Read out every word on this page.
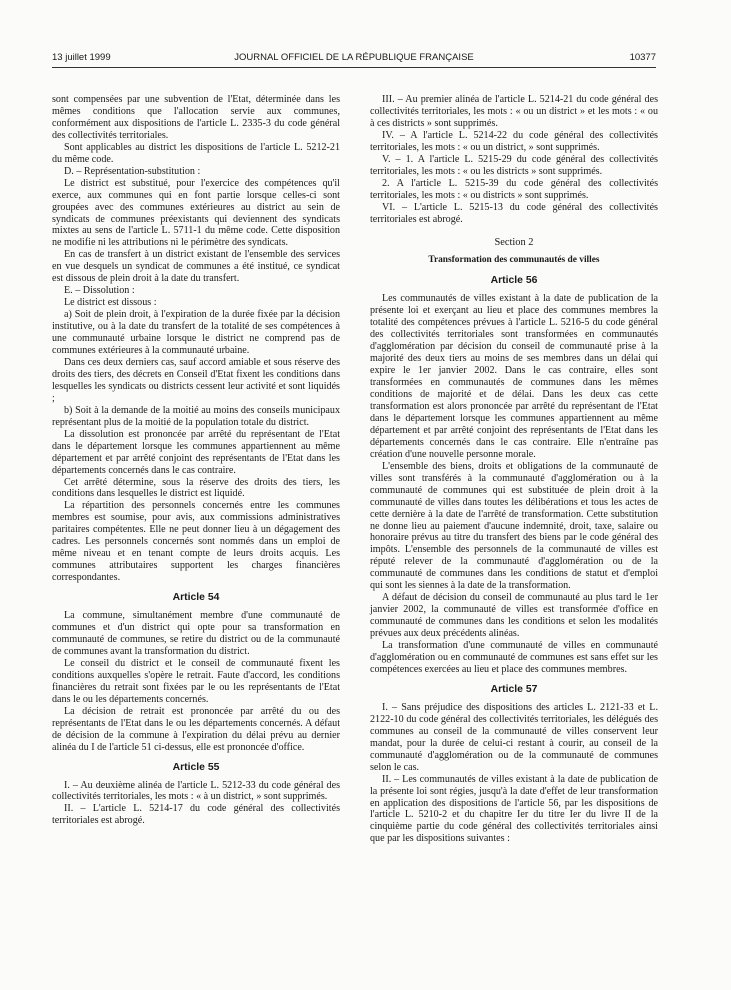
13 juillet 1999	JOURNAL OFFICIEL DE LA RÉPUBLIQUE FRANÇAISE	10377

sont compensées par une subvention de l'Etat, déterminée dans les mêmes conditions que l'allocation servie aux communes, conformément aux dispositions de l'article L. 2335-3 du code général des collectivités territoriales.

Sont applicables au district les dispositions de l'article L. 5212-21 du même code.

D. – Représentation-substitution :

Le district est substitué, pour l'exercice des compétences qu'il exerce, aux communes qui en font partie lorsque celles-ci sont groupées avec des communes extérieures au district au sein de syndicats de communes préexistants qui deviennent des syndicats mixtes au sens de l'article L. 5711-1 du même code. Cette disposition ne modifie ni les attributions ni le périmètre des syndicats.

En cas de transfert à un district existant de l'ensemble des services en vue desquels un syndicat de communes a été institué, ce syndicat est dissous de plein droit à la date du transfert.

E. – Dissolution :

Le district est dissous :

a) Soit de plein droit, à l'expiration de la durée fixée par la décision institutive, ou à la date du transfert de la totalité de ses compétences à une communauté urbaine lorsque le district ne comprend pas de communes extérieures à la communauté urbaine.

Dans ces deux derniers cas, sauf accord amiable et sous réserve des droits des tiers, des décrets en Conseil d'Etat fixent les conditions dans lesquelles les syndicats ou districts cessent leur activité et sont liquidés ;

b) Soit à la demande de la moitié au moins des conseils municipaux représentant plus de la moitié de la population totale du district.

La dissolution est prononcée par arrêté du représentant de l'Etat dans le département lorsque les communes appartiennent au même département et par arrêté conjoint des représentants de l'Etat dans les départements concernés dans le cas contraire.

Cet arrêté détermine, sous la réserve des droits des tiers, les conditions dans lesquelles le district est liquidé.

La répartition des personnels concernés entre les communes membres est soumise, pour avis, aux commissions administratives paritaires compétentes. Elle ne peut donner lieu à un dégagement des cadres. Les personnels concernés sont nommés dans un emploi de même niveau et en tenant compte de leurs droits acquis. Les communes attributaires supportent les charges financières correspondantes.

Article 54

La commune, simultanément membre d'une communauté de communes et d'un district qui opte pour sa transformation en communauté de communes, se retire du district ou de la communauté de communes avant la transformation du district.

Le conseil du district et le conseil de communauté fixent les conditions auxquelles s'opère le retrait. Faute d'accord, les conditions financières du retrait sont fixées par le ou les représentants de l'Etat dans le ou les départements concernés.

La décision de retrait est prononcée par arrêté du ou des représentants de l'Etat dans le ou les départements concernés. A défaut de décision de la commune à l'expiration du délai prévu au dernier alinéa du I de l'article 51 ci-dessus, elle est prononcée d'office.

Article 55

I. – Au deuxième alinéa de l'article L. 5212-33 du code général des collectivités territoriales, les mots : « à un district, » sont supprimés.

II. – L'article L. 5214-17 du code général des collectivités territoriales est abrogé.

III. – Au premier alinéa de l'article L. 5214-21 du code général des collectivités territoriales, les mots : « ou un district » et les mots : « ou à ces districts » sont supprimés.

IV. – A l'article L. 5214-22 du code général des collectivités territoriales, les mots : « ou un district, » sont supprimés.

V. – 1. A l'article L. 5215-29 du code général des collectivités territoriales, les mots : « ou les districts » sont supprimés.

2. A l'article L. 5215-39 du code général des collectivités territoriales, les mots : « ou districts » sont supprimés.

VI. – L'article L. 5215-13 du code général des collectivités territoriales est abrogé.

Section 2

Transformation des communautés de villes

Article 56

Les communautés de villes existant à la date de publication de la présente loi et exerçant au lieu et place des communes membres la totalité des compétences prévues à l'article L. 5216-5 du code général des collectivités territoriales sont transformées en communautés d'agglomération par décision du conseil de communauté prise à la majorité des deux tiers au moins de ses membres dans un délai qui expire le 1er janvier 2002. Dans le cas contraire, elles sont transformées en communautés de communes dans les mêmes conditions de majorité et de délai. Dans les deux cas cette transformation est alors prononcée par arrêté du représentant de l'Etat dans le département lorsque les communes appartiennent au même département et par arrêté conjoint des représentants de l'Etat dans les départements concernés dans le cas contraire. Elle n'entraîne pas création d'une nouvelle personne morale.

L'ensemble des biens, droits et obligations de la communauté de villes sont transférés à la communauté d'agglomération ou à la communauté de communes qui est substituée de plein droit à la communauté de villes dans toutes les délibérations et tous les actes de cette dernière à la date de l'arrêté de transformation. Cette substitution ne donne lieu au paiement d'aucune indemnité, droit, taxe, salaire ou honoraire prévus au titre du transfert des biens par le code général des impôts. L'ensemble des personnels de la communauté de villes est réputé relever de la communauté d'agglomération ou de la communauté de communes dans les conditions de statut et d'emploi qui sont les siennes à la date de la transformation.

A défaut de décision du conseil de communauté au plus tard le 1er janvier 2002, la communauté de villes est transformée d'office en communauté de communes dans les conditions et selon les modalités prévues aux deux précédents alinéas.

La transformation d'une communauté de villes en communauté d'agglomération ou en communauté de communes est sans effet sur les compétences exercées au lieu et place des communes membres.

Article 57

I. – Sans préjudice des dispositions des articles L. 2121-33 et L. 2122-10 du code général des collectivités territoriales, les délégués des communes au conseil de la communauté de villes conservent leur mandat, pour la durée de celui-ci restant à courir, au conseil de la communauté d'agglomération ou de la communauté de communes selon le cas.

II. – Les communautés de villes existant à la date de publication de la présente loi sont régies, jusqu'à la date d'effet de leur transformation en application des dispositions de l'article 56, par les dispositions de l'article L. 5210-2 et du chapitre Ier du titre Ier du livre II de la cinquième partie du code général des collectivités territoriales ainsi que par les dispositions suivantes :
